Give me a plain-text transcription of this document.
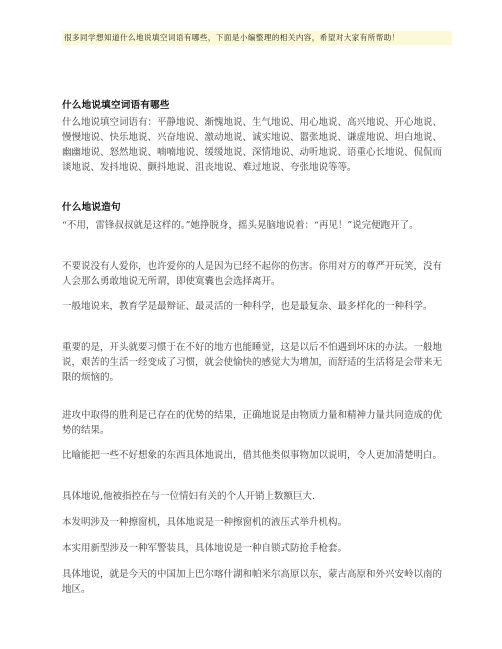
很多同学想知道什么地说填空词语有哪些，下面是小编整理的相关内容，希望对大家有所帮助！
什么地说填空词语有哪些
什么地说填空词语有：平静地说、渐愧地说、生气地说、用心地说、高兴地说、开心地说、慢慢地说、快乐地说、兴奋地说、激动地说、诚实地说、嚣张地说、谦虚地说、坦白地说、幽幽地说、怒然地说、喃喃地说、缓缓地说、深情地说、动听地说、语重心长地说、侃侃而谈地说、发抖地说、颤抖地说、沮丧地说、难过地说、夸张地说等等。
什么地说造句
“不用，雷锋叔叔就是这样的。”她挣脱身，摇头晃脑地说着：“再见！”说完便跑开了。
不要说没有人爱你，也许爱你的人是因为已经不起你的伤害。你用对方的尊严开玩笑，没有人会那么勇敢地说无所谓，即使寞囊也会选择离开。
一般地说来，教育学是最辩证、最灵活的一种科学，也是最复杂、最多样化的一种科学。
重要的是，开头就要习惯于在不好的地方也能睡觉，这是以后不怕遇到坏床的办法。一般地说，艰苦的生活一经变成了习惯，就会使愉快的感觉大为增加，而舒适的生活将是会带来无限的烦恼的。
进攻中取得的胜利是已存在的优势的结果，正确地说是由物质力量和精神力量共同造成的优势的结果。
比喻能把一些不好想象的东西具体地说出，借其他类似事物加以说明，令人更加清楚明白。
具体地说,他被指控在与一位情妇有关的个人开销上数额巨大.
本发明涉及一种擦窗机，具体地说是一种擦窗机的液压式举升机构。
本实用新型涉及一种军警装具，具体地说是一种自锁式防抢手枪套。
具体地说，就是今天的中国加上巴尔喀什湖和帕米尔高原以东，蒙古高原和外兴安岭以南的地区。
